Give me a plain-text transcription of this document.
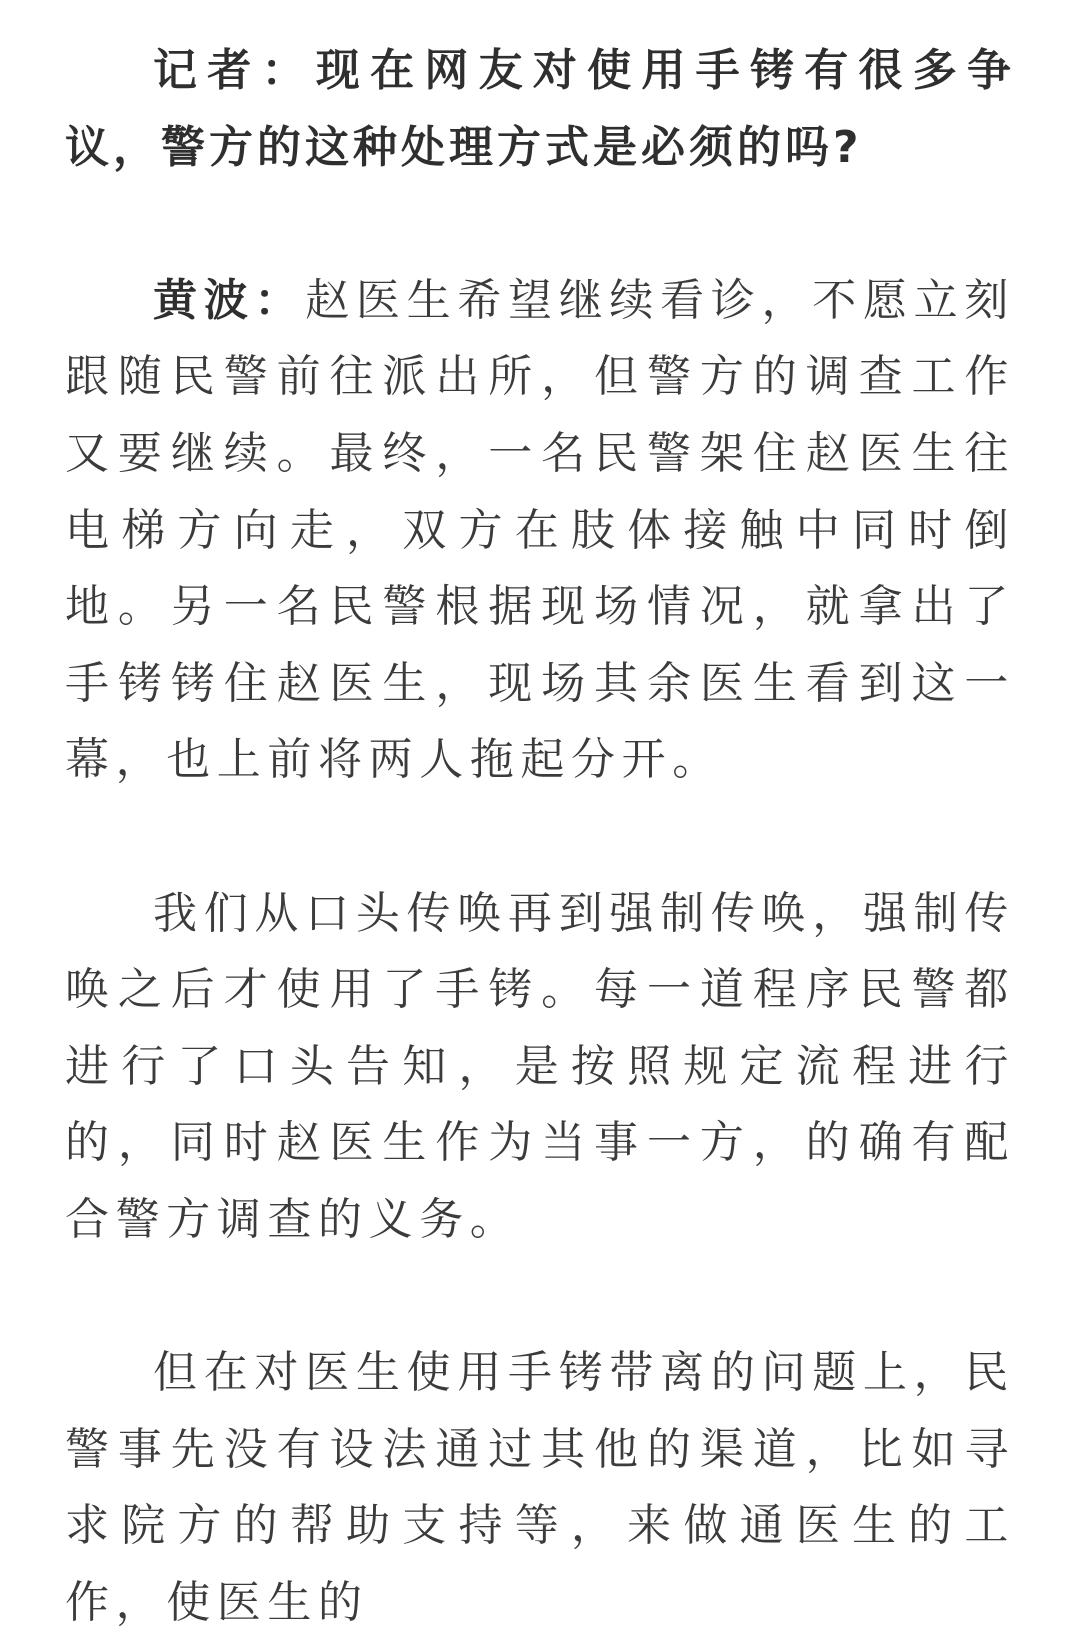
记者：现在网友对使用手铐有很多争议，警方的这种处理方式是必须的吗?

黄波：赵医生希望继续看诊，不愿立刻跟随民警前往派出所，但警方的调查工作又要继续。最终，一名民警架住赵医生往电梯方向走，双方在肢体接触中同时倒地。另一名民警根据现场情况，就拿出了手铐铐住赵医生，现场其余医生看到这一幕，也上前将两人拖起分开。

我们从口头传唤再到强制传唤，强制传唤之后才使用了手铐。每一道程序民警都进行了口头告知，是按照规定流程进行的，同时赵医生作为当事一方，的确有配合警方调查的义务。

但在对医生使用手铐带离的问题上，民警事先没有设法通过其他的渠道，比如寻求院方的帮助支持等，来做通医生的工作，使医生的
